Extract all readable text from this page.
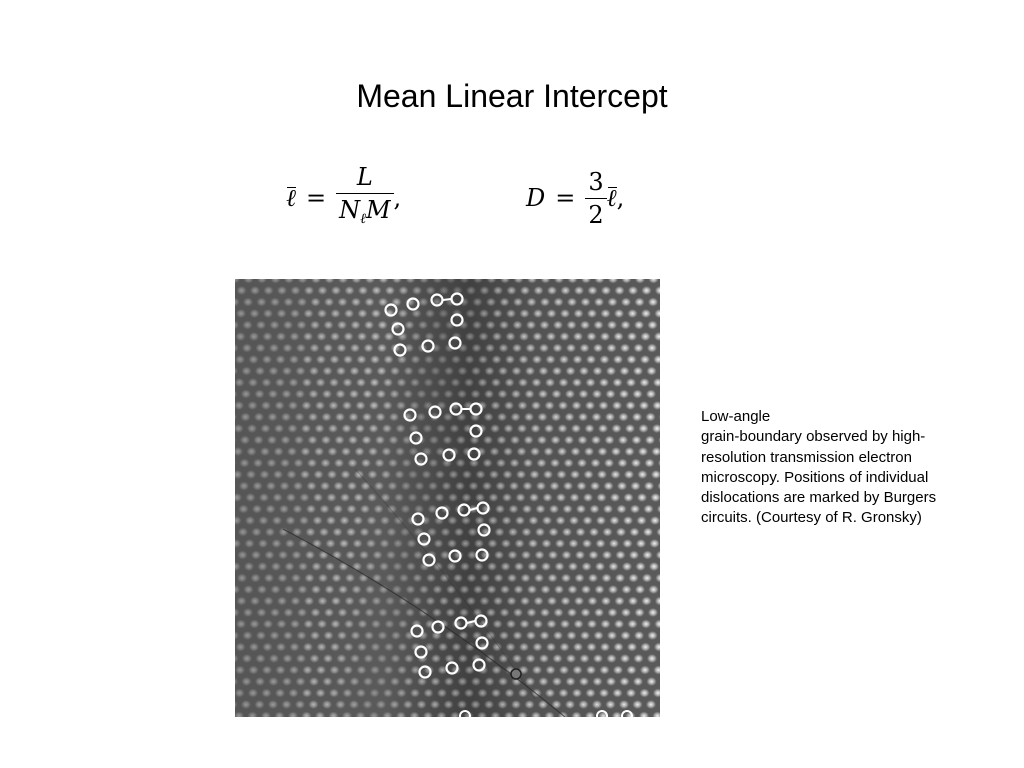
Mean Linear Intercept
ℓ = $\frac{L}{N_\ell M}$ ,	$D = \frac{3}{2}$ ℓ ,
Low-angle
grain-boundary observed by high-resolution transmission electron microscopy. Positions of individual dislocations are marked by Burgers circuits. (Courtesy of R. Gronsky)
